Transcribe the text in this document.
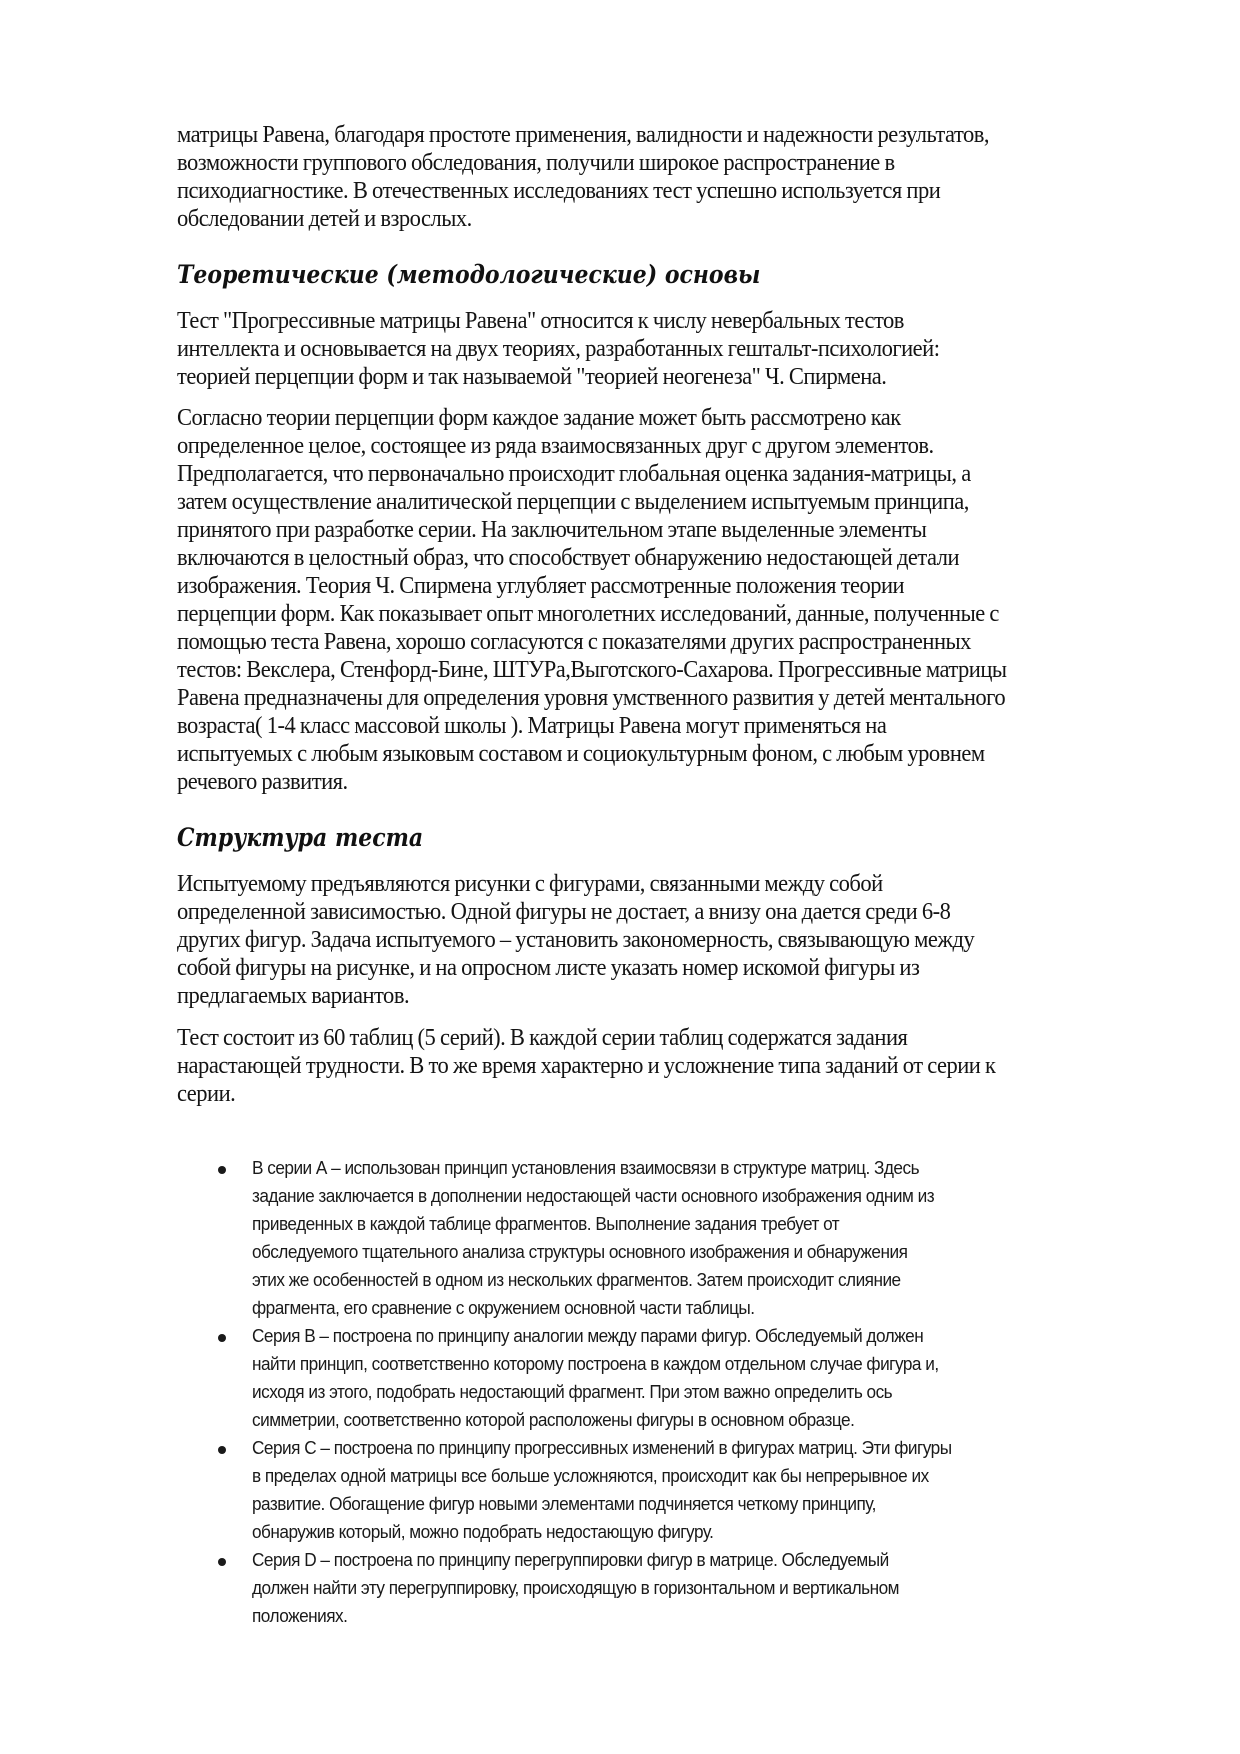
матрицы Равена, благодаря простоте применения, валидности и надежности результатов,
возможности группового обследования, получили широкое распространение в
психодиагностике. В отечественных исследованиях тест успешно используется при
обследовании детей и взрослых.
Теоретические (методологические) основы
Тест "Прогрессивные матрицы Равена" относится к числу невербальных тестов
интеллекта и основывается на двух теориях, разработанных гештальт-психологией:
теорией перцепции форм и так называемой "теорией неогенеза" Ч. Спирмена.
Согласно теории перцепции форм каждое задание может быть рассмотрено как
определенное целое, состоящее из ряда взаимосвязанных друг с другом элементов.
Предполагается, что первоначально происходит глобальная оценка задания-матрицы, а
затем осуществление аналитической перцепции с выделением испытуемым принципа,
принятого при разработке серии. На заключительном этапе выделенные элементы
включаются в целостный образ, что способствует обнаружению недостающей детали
изображения. Теория Ч. Спирмена углубляет рассмотренные положения теории
перцепции форм. Как показывает опыт многолетних исследований, данные, полученные с
помощью теста Равена, хорошо согласуются с показателями других распространенных
тестов: Векслера, Стенфорд-Бине, ШТУРа,Выготского-Сахарова. Прогрессивные матрицы
Равена предназначены для определения уровня умственного развития у детей ментального
возраста( 1-4 класс массовой школы ). Матрицы Равена могут применяться на
испытуемых с любым языковым составом и социокультурным фоном, с любым уровнем
речевого развития.
Структура теста
Испытуемому предъявляются рисунки с фигурами, связанными между собой
определенной зависимостью. Одной фигуры не достает, а внизу она дается среди 6-8
других фигур. Задача испытуемого – установить закономерность, связывающую между
собой фигуры на рисунке, и на опросном листе указать номер искомой фигуры из
предлагаемых вариантов.
Тест состоит из 60 таблиц (5 серий). В каждой серии таблиц содержатся задания
нарастающей трудности. В то же время характерно и усложнение типа заданий от серии к
серии.
В серии А – использован принцип установления взаимосвязи в структуре матриц. Здесь
задание заключается в дополнении недостающей части основного изображения одним из
приведенных в каждой таблице фрагментов. Выполнение задания требует от
обследуемого тщательного анализа структуры основного изображения и обнаружения
этих же особенностей в одном из нескольких фрагментов. Затем происходит слияние
фрагмента, его сравнение с окружением основной части таблицы.
Серия В – построена по принципу аналогии между парами фигур. Обследуемый должен
найти принцип, соответственно которому построена в каждом отдельном случае фигура и,
исходя из этого, подобрать недостающий фрагмент. При этом важно определить ось
симметрии, соответственно которой расположены фигуры в основном образце.
Серия С – построена по принципу прогрессивных изменений в фигурах матриц. Эти фигуры
в пределах одной матрицы все больше усложняются, происходит как бы непрерывное их
развитие. Обогащение фигур новыми элементами подчиняется четкому принципу,
обнаружив который, можно подобрать недостающую фигуру.
Серия D – построена по принципу перегруппировки фигур в матрице. Обследуемый
должен найти эту перегруппировку, происходящую в горизонтальном и вертикальном
положениях.
